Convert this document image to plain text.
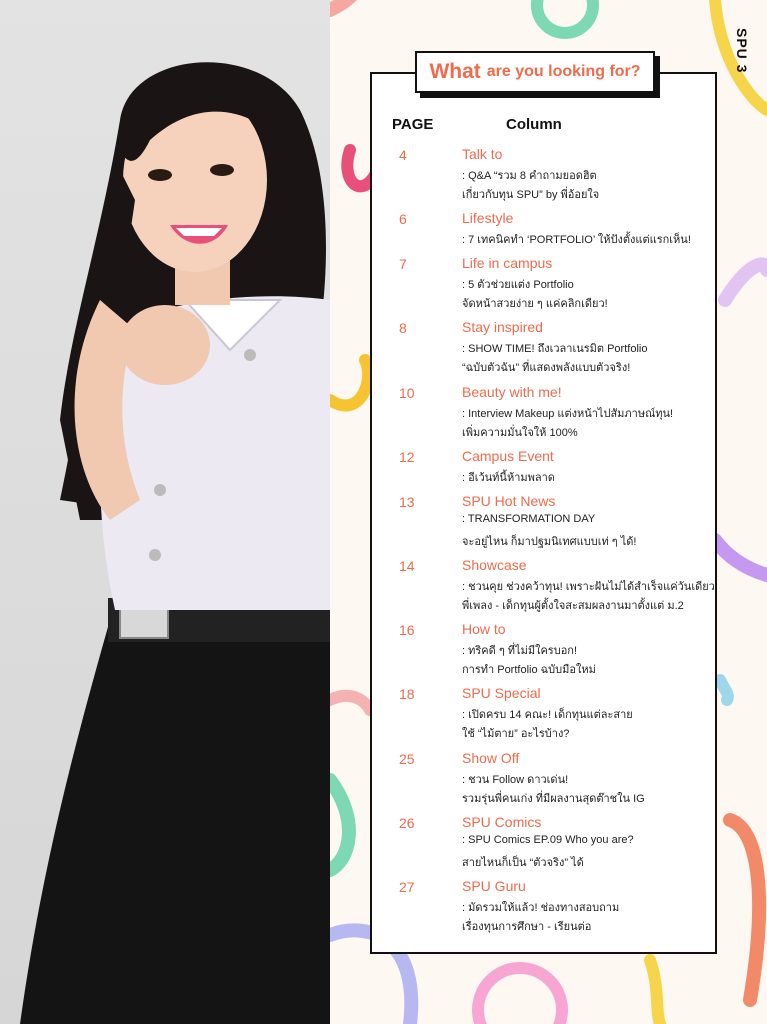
SPU 3
What are you looking for?
PAGE	Column
4	Talk to
: Q&A “รวม 8 คำถามยอดฮิต
เกี่ยวกับทุน SPU” by พี่อ้อยใจ
6	Lifestyle
: 7 เทคนิคทำ ‘PORTFOLIO’ ให้ปังตั้งแต่แรกเห็น!
7	Life in campus
: 5 ตัวช่วยแต่ง Portfolio
จัดหน้าสวยง่าย ๆ แค่คลิกเดียว!
8	Stay inspired
: SHOW TIME! ถึงเวลาเนรมิต Portfolio
“ฉบับตัวฉัน” ที่แสดงพลังแบบตัวจริง!
10	Beauty with me!
: Interview Makeup แต่งหน้าไปสัมภาษณ์ทุน!
เพิ่มความมั่นใจให้ 100%
12	Campus Event
: อีเว้นท์นี้ห้ามพลาด
13	SPU Hot News
: TRANSFORMATION DAY
จะอยู่ไหน ก็มาปฐมนิเทศแบบเท่ ๆ ได้!
14	Showcase
: ชวนคุย ช่วงคว้าทุน! เพราะฝันไม่ได้สำเร็จแค่วันเดียว
พี่เพลง - เด็กทุนผู้ตั้งใจสะสมผลงานมาตั้งแต่ ม.2
16	How to
: ทริคดี ๆ ที่ไม่มีใครบอก!
การทำ Portfolio ฉบับมือใหม่
18	SPU Special
: เปิดครบ 14 คณะ! เด็กทุนแต่ละสาย
ใช้ “ไม้ตาย” อะไรบ้าง?
25	Show Off
: ชวน Follow ดาวเด่น!
รวมรุ่นพี่คนเก่ง ที่มีผลงานสุดต๊าชใน IG
26	SPU Comics
: SPU Comics EP.09 Who you are?
สายไหนก็เป็น “ตัวจริง” ได้
27	SPU Guru
: มัดรวมให้แล้ว! ช่องทางสอบถาม
เรื่องทุนการศึกษา - เรียนต่อ
